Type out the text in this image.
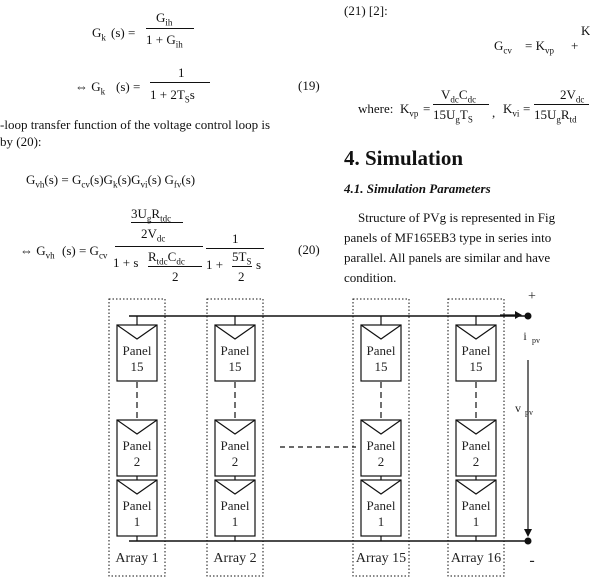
$G_k$ (s) =
$G_{ih}$
$1 + G_{ih}$
⇔ $G_k$ (s) =
1
$1 + 2T_Ss$
(19)
-loop transfer function of the voltage control loop is
by (20):
$G_{vh}(s) = G_{cv}(s)G_k(s)G_{vi}(s)$ $G_{fv}(s)$
⇔ $G_{vh}$ $(s) = G_{cv}$
$3U_gR_{tdc}$
$2V_{dc}$
1 + s $R_{tdc}C_{dc}$
2
1
1 +
$5T_S$
2
s
(20)
(21) [2]:
$G_{cv} = K_{vp}$ +
K
where: $K_{vp}$ =
$V_{dc}C_{dc}$
$15U_gT_S$ , $K_{vi}$ =
$2V_{dc}$
$15U_gR_{td}$
4. Simulation
4.1. Simulation Parameters
Structure of PVg is represented in Fig
panels of MF165EB3 type in series into
parallel. All panels are similar and have
condition.
+
-
i pv
v pv
Panel
15
Panel
2
Panel
1
Array 1
Panel
15
Panel
2
Panel
1
Array 2
Panel
15
Panel
2
Panel
1
Array 15
Panel
15
Panel
2
Panel
1
Array 16
